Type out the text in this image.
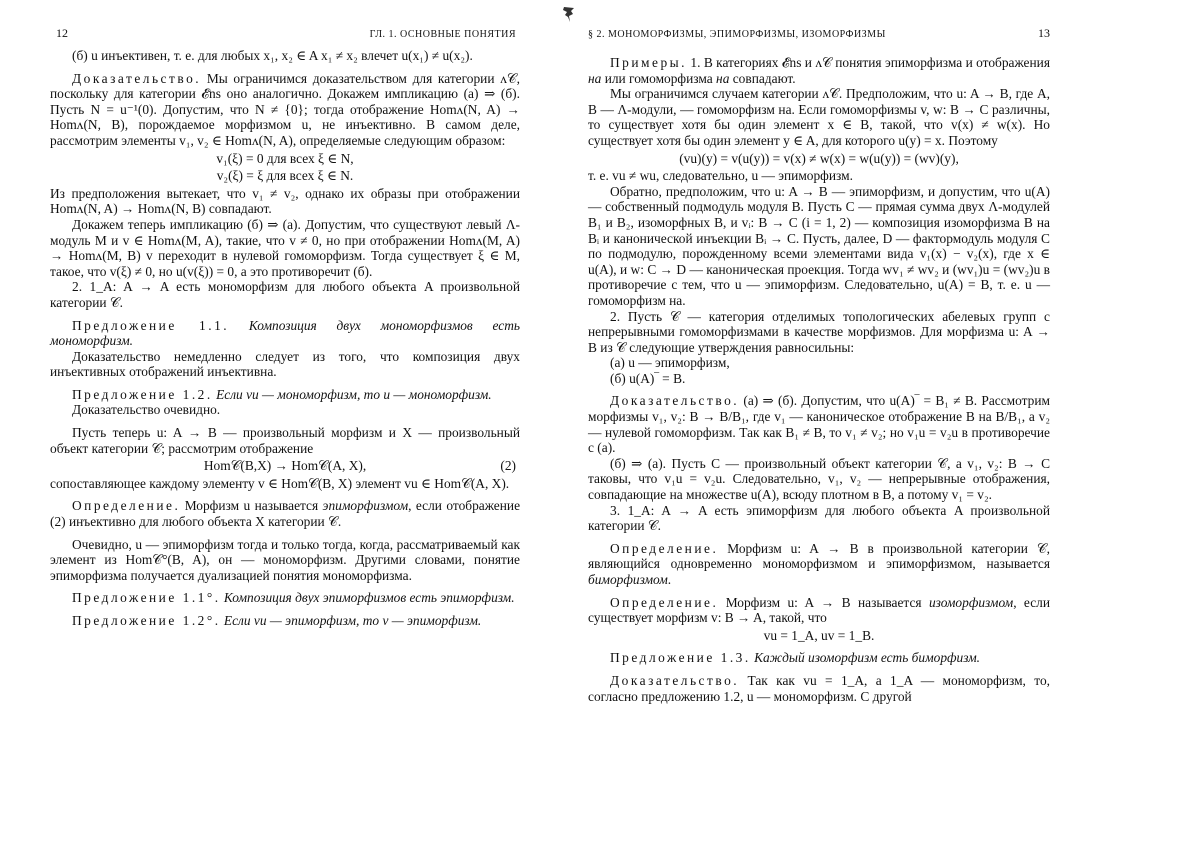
12	ГЛ. 1. ОСНОВНЫЕ ПОНЯТИЯ

(б) u инъективен, т. е. для любых x₁, x₂ ∈ A x₁ ≠ x₂ влечет u(x₁) ≠ u(x₂).

Доказательство. Мы ограничимся доказательством для категории ᴧ𝒞, поскольку для категории 𝓔ns оно аналогично. Докажем импликацию (а) ⇒ (б). Пусть N = u⁻¹(0). Допустим, что N ≠ {0}; тогда отображение Homᴧ(N, A) → Homᴧ(N, B), порождаемое морфизмом u, не инъективно. В самом деле, рассмотрим элементы v₁, v₂ ∈ Homᴧ(N, A), определяемые следующим образом:

v₁(ξ) = 0 для всех ξ ∈ N,

v₂(ξ) = ξ для всех ξ ∈ N.

Из предположения вытекает, что v₁ ≠ v₂, однако их образы при отображении Homᴧ(N, A) → Homᴧ(N, B) совпадают.

Докажем теперь импликацию (б) ⇒ (а). Допустим, что существуют левый Λ-модуль M и v ∈ Homᴧ(M, A), такие, что v ≠ 0, но при отображении Homᴧ(M, A) → Homᴧ(M, B) v переходит в нулевой гомоморфизм. Тогда существует ξ ∈ M, такое, что v(ξ) ≠ 0, но u(v(ξ)) = 0, а это противоречит (б).

2. 1_A: A → A есть мономорфизм для любого объекта A произвольной категории 𝒞.

Предложение 1.1. Композиция двух мономорфизмов есть мономорфизм.

Доказательство немедленно следует из того, что композиция двух инъективных отображений инъективна.

Предложение 1.2. Если vu — мономорфизм, то u — мономорфизм.

Доказательство очевидно.

Пусть теперь u: A → B — произвольный морфизм и X — произвольный объект категории 𝒞; рассмотрим отображение

Hom𝒞(B,X) → Hom𝒞(A, X),	(2)

сопоставляющее каждому элементу v ∈ Hom𝒞(B, X) элемент vu ∈ Hom𝒞(A, X).

Определение. Морфизм u называется эпиморфизмом, если отображение (2) инъективно для любого объекта X категории 𝒞.

Очевидно, u — эпиморфизм тогда и только тогда, когда, рассматриваемый как элемент из Hom𝒞°(B, A), он — мономорфизм. Другими словами, понятие эпиморфизма получается дуализацией понятия мономорфизма.

Предложение 1.1°. Композиция двух эпиморфизмов есть эпиморфизм.

Предложение 1.2°. Если vu — эпиморфизм, то v — эпиморфизм.

§ 2. МОНОМОРФИЗМЫ, ЭПИМОРФИЗМЫ, ИЗОМОРФИЗМЫ	13

Примеры. 1. В категориях 𝓔ns и ᴧ𝒞 понятия эпиморфизма и отображения на или гомоморфизма на совпадают.

Мы ограничимся случаем категории ᴧ𝒞. Предположим, что u: A → B, где A, B — Λ-модули, — гомоморфизм на. Если гомоморфизмы v, w: B → C различны, то существует хотя бы один элемент x ∈ B, такой, что v(x) ≠ w(x). Но существует хотя бы один элемент y ∈ A, для которого u(y) = x. Поэтому

(vu)(y) = v(u(y)) = v(x) ≠ w(x) = w(u(y)) = (wv)(y),

т. е. vu ≠ wu, следовательно, u — эпиморфизм.

Обратно, предположим, что u: A → B — эпиморфизм, и допустим, что u(A) — собственный подмодуль модуля B. Пусть C — прямая сумма двух Λ-модулей B₁ и B₂, изоморфных B, и vᵢ: B → C (i = 1, 2) — композиция изоморфизма B на Bᵢ и канонической инъекции Bᵢ → C. Пусть, далее, D — фактормодуль модуля C по подмодулю, порожденному всеми элементами вида v₁(x) − v₂(x), где x ∈ u(A), и w: C → D — каноническая проекция. Тогда wv₁ ≠ wv₂ и (wv₁)u = (wv₂)u в противоречие с тем, что u — эпиморфизм. Следовательно, u(A) = B, т. е. u — гомоморфизм на.

2. Пусть 𝒞 — категория отделимых топологических абелевых групп с непрерывными гомоморфизмами в качестве морфизмов. Для морфизма u: A → B из 𝒞 следующие утверждения равносильны:

(а) u — эпиморфизм,

(б) u(A)‾ = B.

Доказательство. (а) ⇒ (б). Допустим, что u(A)‾ = B₁ ≠ B. Рассмотрим морфизмы v₁, v₂: B → B/B₁, где v₁ — каноническое отображение B на B/B₁, а v₂ — нулевой гомоморфизм. Так как B₁ ≠ B, то v₁ ≠ v₂; но v₁u = v₂u в противоречие с (а).

(б) ⇒ (а). Пусть C — произвольный объект категории 𝒞, а v₁, v₂: B → C таковы, что v₁u = v₂u. Следовательно, v₁, v₂ — непрерывные отображения, совпадающие на множестве u(A), всюду плотном в B, а потому v₁ = v₂.

3. 1_A: A → A есть эпиморфизм для любого объекта A произвольной категории 𝒞.

Определение. Морфизм u: A → B в произвольной категории 𝒞, являющийся одновременно мономорфизмом и эпиморфизмом, называется биморфизмом.

Определение. Морфизм u: A → B называется изоморфизмом, если существует морфизм v: B → A, такой, что

vu = 1_A, uv = 1_B.

Предложение 1.3. Каждый изоморфизм есть биморфизм.

Доказательство. Так как vu = 1_A, а 1_A — мономорфизм, то, согласно предложению 1.2, u — мономорфизм. С другой
